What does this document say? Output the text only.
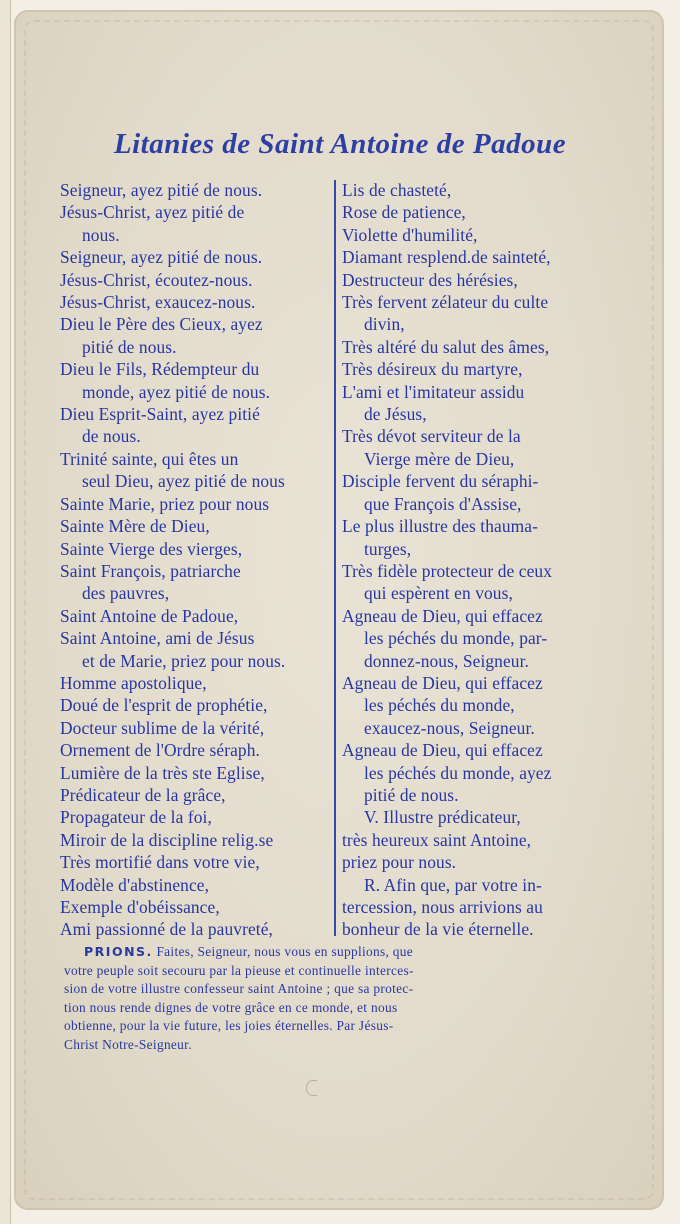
Litanies de Saint Antoine de Padoue
Seigneur, ayez pitié de nous.
Jésus-Christ, ayez pitié de
nous.
Seigneur, ayez pitié de nous.
Jésus-Christ, écoutez-nous.
Jésus-Christ, exaucez-nous.
Dieu le Père des Cieux, ayez
pitié de nous.
Dieu le Fils, Rédempteur du
monde, ayez pitié de nous.
Dieu Esprit-Saint, ayez pitié
de nous.
Trinité sainte, qui êtes un
seul Dieu, ayez pitié de nous
Sainte Marie, priez pour nous
Sainte Mère de Dieu,
Sainte Vierge des vierges,
Saint François, patriarche
des pauvres,
Saint Antoine de Padoue,
Saint Antoine, ami de Jésus
et de Marie, priez pour nous.
Homme apostolique,
Doué de l'esprit de prophétie,
Docteur sublime de la vérité,
Ornement de l'Ordre séraph.
Lumière de la très ste Eglise,
Prédicateur de la grâce,
Propagateur de la foi,
Miroir de la discipline relig.se
Très mortifié dans votre vie,
Modèle d'abstinence,
Exemple d'obéissance,
Ami passionné de la pauvreté,
Lis de chasteté,
Rose de patience,
Violette d'humilité,
Diamant resplend.de sainteté,
Destructeur des hérésies,
Très fervent zélateur du culte
divin,
Très altéré du salut des âmes,
Très désireux du martyre,
L'ami et l'imitateur assidu
de Jésus,
Très dévot serviteur de la
Vierge mère de Dieu,
Disciple fervent du séraphi-
que François d'Assise,
Le plus illustre des thauma-
turges,
Très fidèle protecteur de ceux
qui espèrent en vous,
Agneau de Dieu, qui effacez
les péchés du monde, par-
donnez-nous, Seigneur.
Agneau de Dieu, qui effacez
les péchés du monde,
exaucez-nous, Seigneur.
Agneau de Dieu, qui effacez
les péchés du monde, ayez
pitié de nous.
V. Illustre prédicateur,
très heureux saint Antoine,
priez pour nous.
R. Afin que, par votre in-
tercession, nous arrivions au
bonheur de la vie éternelle.
PRIONS. Faites, Seigneur, nous vous en supplions, que
votre peuple soit secouru par la pieuse et continuelle interces-
sion de votre illustre confesseur saint Antoine ; que sa protec-
tion nous rende dignes de votre grâce en ce monde, et nous
obtienne, pour la vie future, les joies éternelles. Par Jésus-
Christ Notre-Seigneur.
